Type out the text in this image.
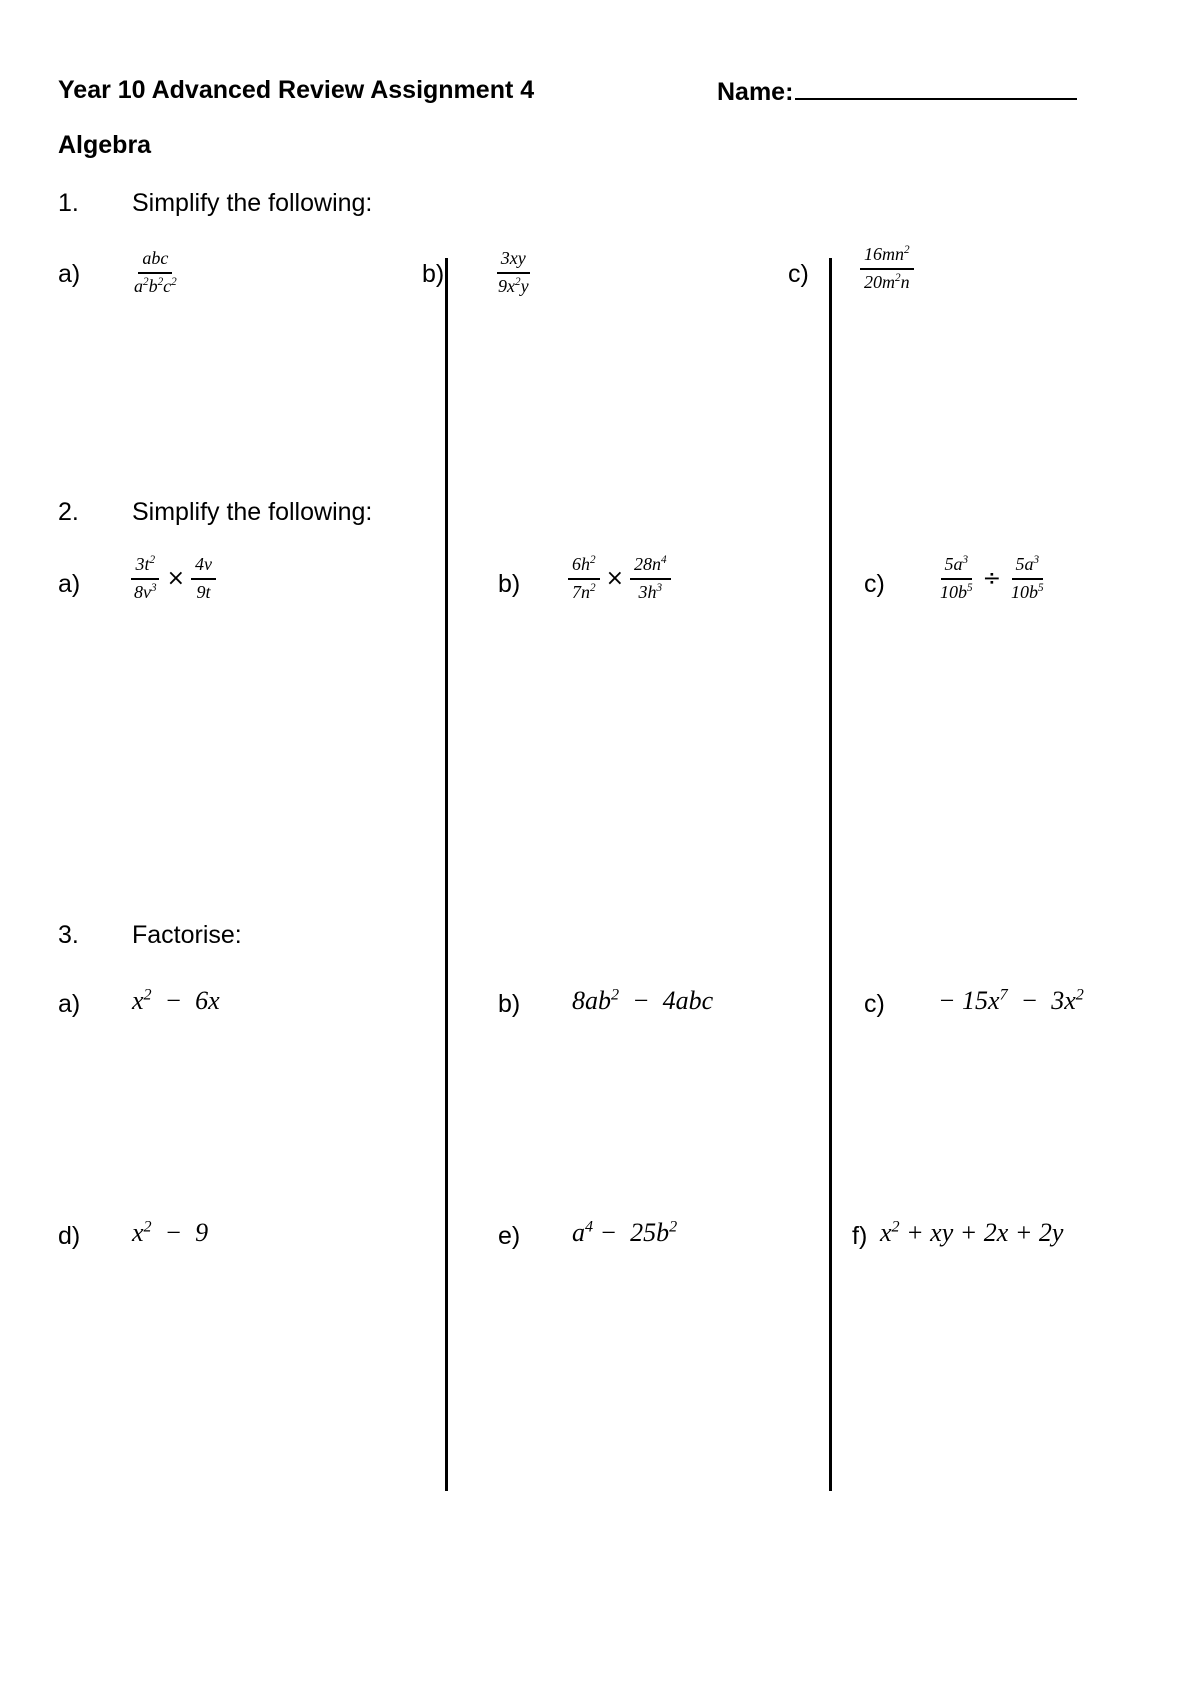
Year 10 Advanced Review Assignment 4	Name:
Algebra
1. Simplify the following:
a)	$\frac{\text{abc}}{a^2b^2c^2}$	b)	$\frac{3xy}{9x^2y}$	c)	$\frac{16mn^2}{20m^2n}$
2. Simplify the following:
a)	$\frac{3t^2}{8v^3} \times \frac{4v}{9t}$	b)	$\frac{6h^2}{7n^2} \times \frac{28n^4}{3h^3}$	c)	$\frac{5a^3}{10b^5} \div \frac{5a^3}{10b^5}$
3. Factorise:
a) $x^2 - 6x$	b) $8ab^2 - 4abc$	$c) - 15x^7 - 3x^2$
d) $x^2 - 9$	e) $a^4 - 25b^2$	f) $x^2$ + xy + 2x + 2y
